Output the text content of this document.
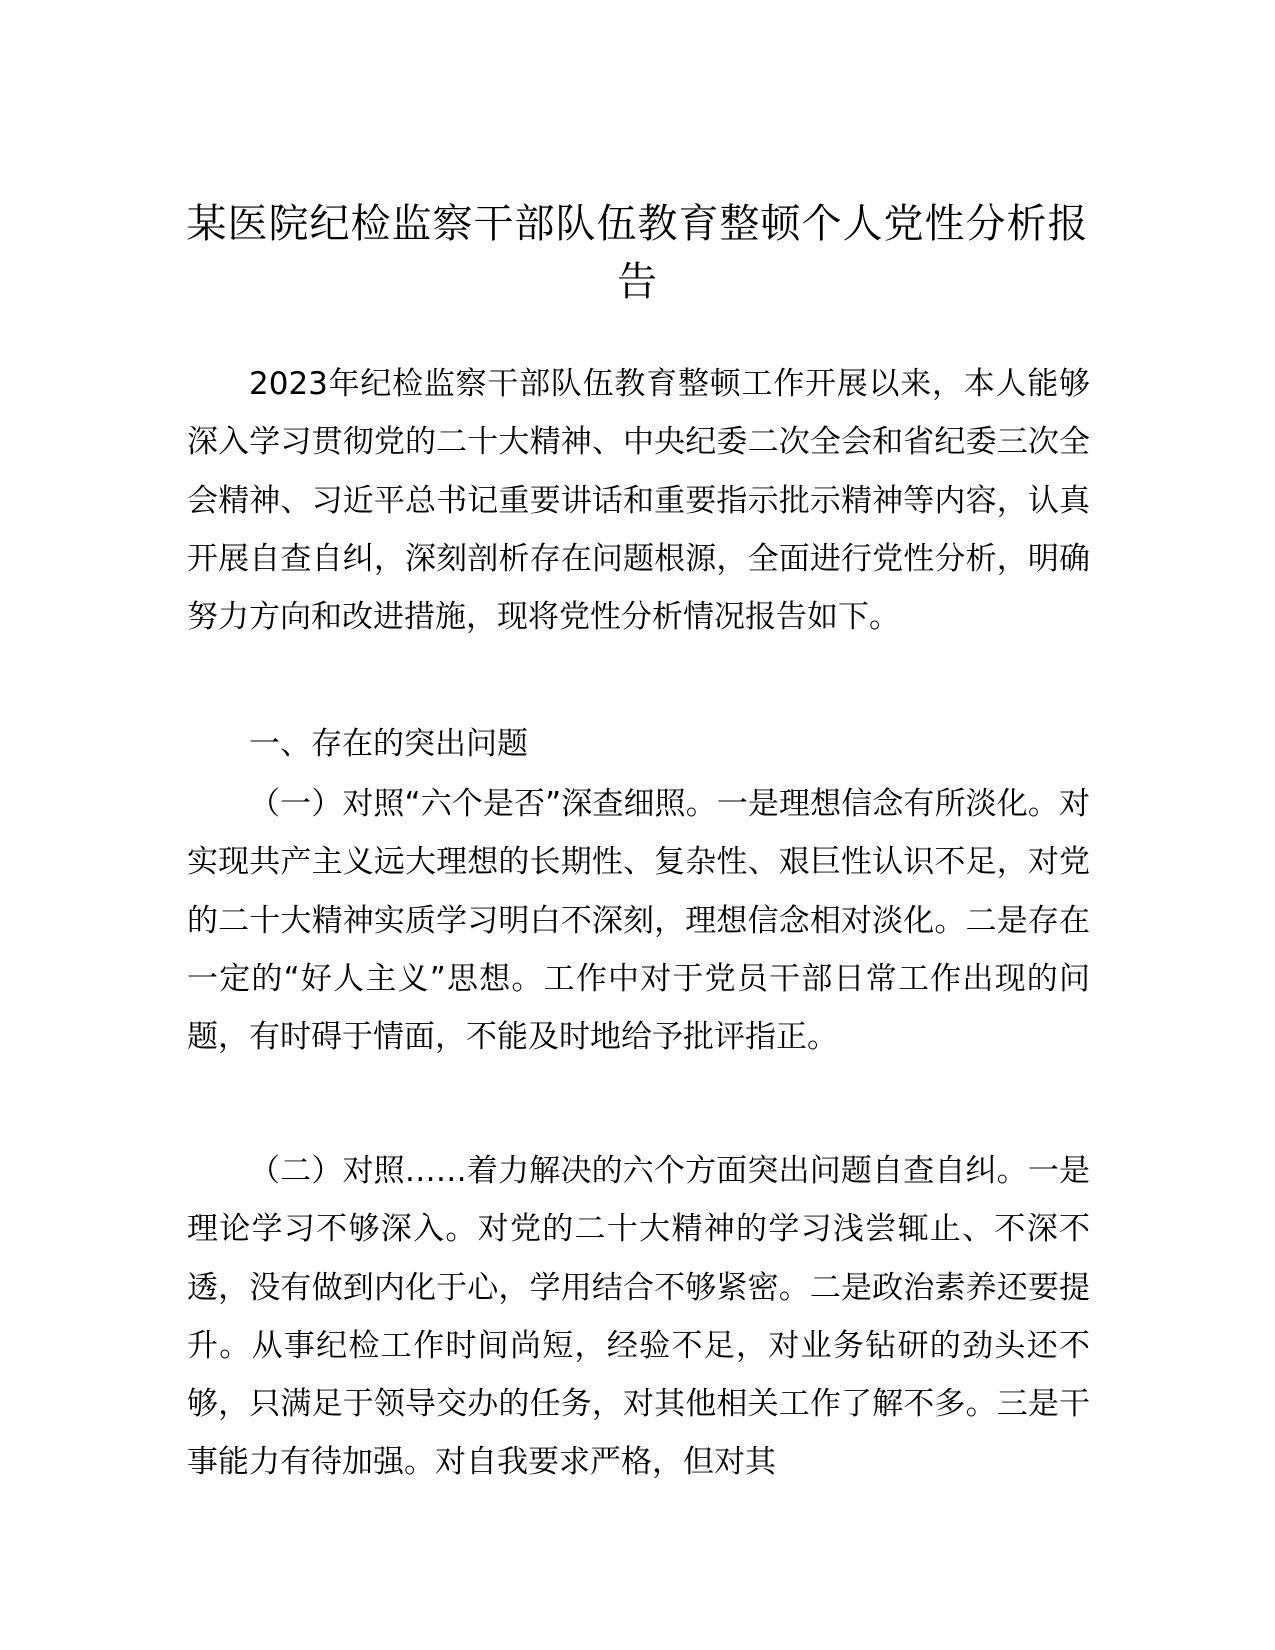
某医院纪检监察干部队伍教育整顿个人党性分析报告

2023年纪检监察干部队伍教育整顿工作开展以来，本人能够深入学习贯彻党的二十大精神、中央纪委二次全会和省纪委三次全会精神、习近平总书记重要讲话和重要指示批示精神等内容，认真开展自查自纠，深刻剖析存在问题根源，全面进行党性分析，明确努力方向和改进措施，现将党性分析情况报告如下。

一、存在的突出问题

（一）对照“六个是否”深查细照。一是理想信念有所淡化。对实现共产主义远大理想的长期性、复杂性、艰巨性认识不足，对党的二十大精神实质学习明白不深刻，理想信念相对淡化。二是存在一定的“好人主义”思想。工作中对于党员干部日常工作出现的问题，有时碍于情面，不能及时地给予批评指正。

（二）对照……着力解决的六个方面突出问题自查自纠。一是理论学习不够深入。对党的二十大精神的学习浅尝辄止、不深不透，没有做到内化于心，学用结合不够紧密。二是政治素养还要提升。从事纪检工作时间尚短，经验不足，对业务钻研的劲头还不够，只满足于领导交办的任务，对其他相关工作了解不多。三是干事能力有待加强。对自我要求严格，但对其
